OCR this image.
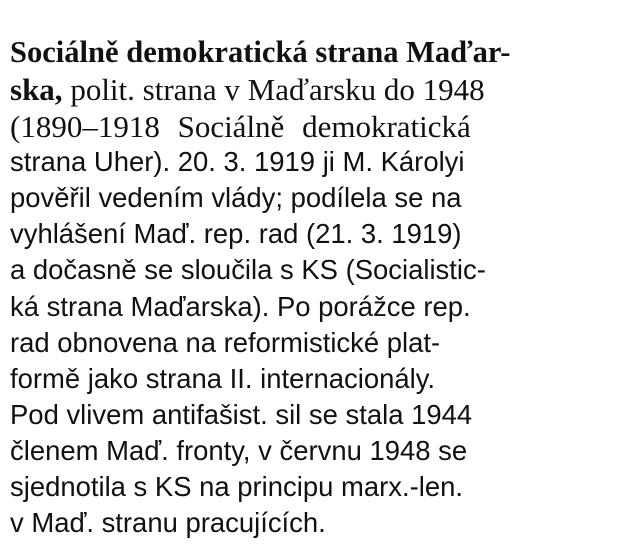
Sociálně demokratická strana Maďar-
ska, polit. strana v Maďarsku do 1948
(1890–1918 Sociálně demokratická
strana Uher). 20. 3. 1919 ji M. Károlyi
pověřil vedením vlády; podílela se na
vyhlášení Maď. rep. rad (21. 3. 1919)
a dočasně se sloučila s KS (Socialistic-
ká strana Maďarska). Po porážce rep.
rad obnovena na reformistické plat-
formě jako strana II. internacionály.
Pod vlivem antifašist. sil se stala 1944
členem Maď. fronty, v červnu 1948 se
sjednotila s KS na principu marx.-len.
v Maď. stranu pracujících.
